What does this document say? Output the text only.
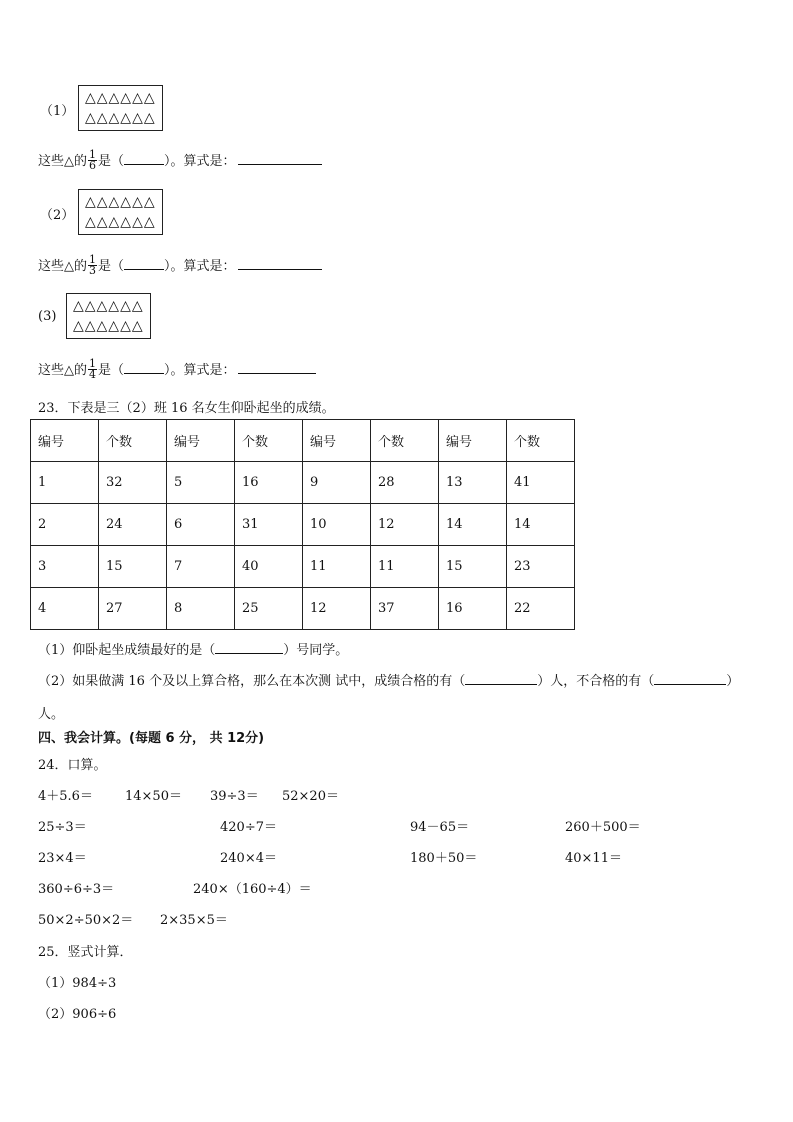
（1）
△△△△△△
△△△△△△
这些△的 $\frac{1}{6}$ 是（	）。算式是：
（2）
△△△△△△
△△△△△△
这些△的 $\frac{1}{3}$ 是（	）。算式是：
(3)
△△△△△△
△△△△△△
这些△的 $\frac{1}{4}$ 是（	）。算式是：
23．下表是三（2）班 16 名女生仰卧起坐的成绩。
编号	个数	编号	个数	编号	个数	编号	个数
1	32	5	16	9	28	13	41
2	24	6	31	10	12	14	14
3	15	7	40	11	11	15	23
4	27	8	25	12	37	16	22
（1）仰卧起坐成绩最好的是（	）号同学。
（2）如果做满 16 个及以上算合格，那么在本次测 试中，成绩合格的有（	）人，不合格的有（	）
人。
四、我会计算。(每题 6 分， 共 12分)
24．口算。
4＋5.6＝ 14×50＝ 39÷3＝ 52×20＝
25÷3＝	420÷7＝	94－65＝	260＋500＝
23×4＝	240×4＝	180＋50＝	40×11＝
360÷6÷3＝	240×（160÷4）＝
50×2÷50×2＝ 2×35×5＝
25．竖式计算．
（1）984÷3
（2）906÷6
